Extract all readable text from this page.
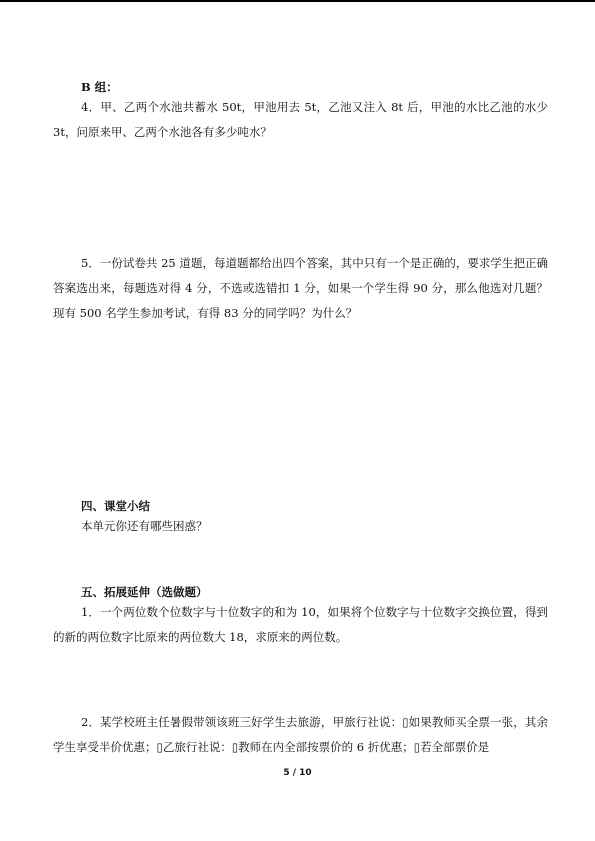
B 组：
4．甲、乙两个水池共蓄水 50t，甲池用去 5t，乙池又注入 8t 后，甲池的水比乙池的水少 3t，问原来甲、乙两个水池各有多少吨水？
5．一份试卷共 25 道题，每道题都给出四个答案，其中只有一个是正确的，要求学生把正确答案选出来，每题选对得 4 分，不选或选错扣 1 分，如果一个学生得 90 分，那么他选对几题？现有 500 名学生参加考试，有得 83 分的同学吗？为什么？
四、课堂小结
本单元你还有哪些困惑？
五、拓展延伸（选做题）
1．一个两位数个位数字与十位数字的和为 10，如果将个位数字与十位数字交换位置，得到的新的两位数字比原来的两位数大 18，求原来的两位数。
2．某学校班主任暑假带领该班三好学生去旅游，甲旅行社说：▯如果教师买全票一张，其余学生享受半价优惠；▯乙旅行社说：▯教师在内全部按票价的 6 折优惠；▯若全部票价是
5 / 10
